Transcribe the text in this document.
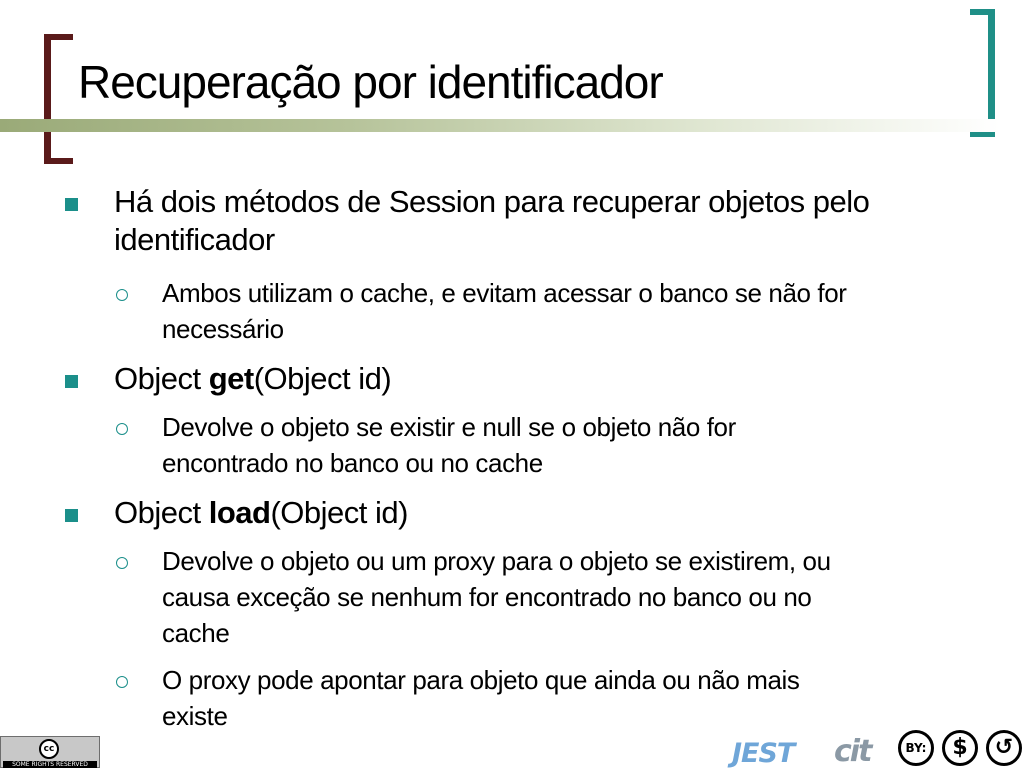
Recuperação por identificador
Há dois métodos de Session para recuperar objetos pelo
identificador
Ambos utilizam o cache, e evitam acessar o banco se não for
necessário
Object get(Object id)
Devolve o objeto se existir e null se o objeto não for
encontrado no banco ou no cache
Object load(Object id)
Devolve o objeto ou um proxy para o objeto se existirem, ou
causa exceção se nenhum for encontrado no banco ou no
cache
O proxy pode apontar para objeto que ainda ou não mais
existe
cc
SOME RIGHTS RESERVED	JEST cit	BY:	$	↺
